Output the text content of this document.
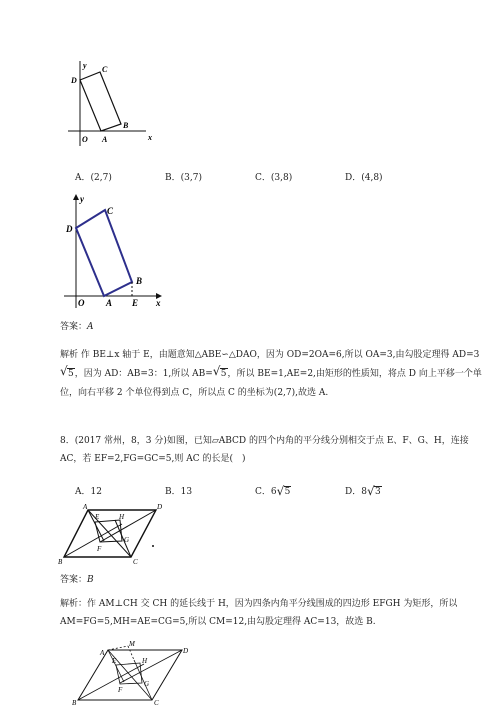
y
x
D
C
O A
B
A．(2,7)	B．(3,7)	C．(3,8)	D．(4,8)
y
x
D
C
O A
B
E
答案：A
解析 作 BE⊥x 轴于 E，由题意知△ABE∽△DAO，因为 OD=2OA=6,所以 OA=3,由勾股定理得 AD=3
√ 5，因为 AD：AB=3：1,所以 AB= √ 5，所以 BE=1,AE=2,由矩形的性质知，将点 D 向上平移一个单
位，向右平移 2 个单位得到点 C，所以点 C 的坐标为(2,7),故选 A.
8．(2017 常州，8，3 分)如图，已知▱ABCD 的四个内角的平分线分别相交于点 E、F、G、H，连接
AC，若 EF=2,FG=GC=5,则 AC 的长是(　)
A．12	B．13	C．6 √ 5	D．8 √ 3
A	D
E	H
F
G
B	C
答案：B
解析：作 AM⊥CH 交 CH 的延长线于 H，因为四条内角平分线围成的四边形 EFGH 为矩形，所以
AM=FG=5,MH=AE=CG=5,所以 CM=12,由勾股定理得 AC=13，故选 B.
A
M
D
E	H
F
G
B	C
